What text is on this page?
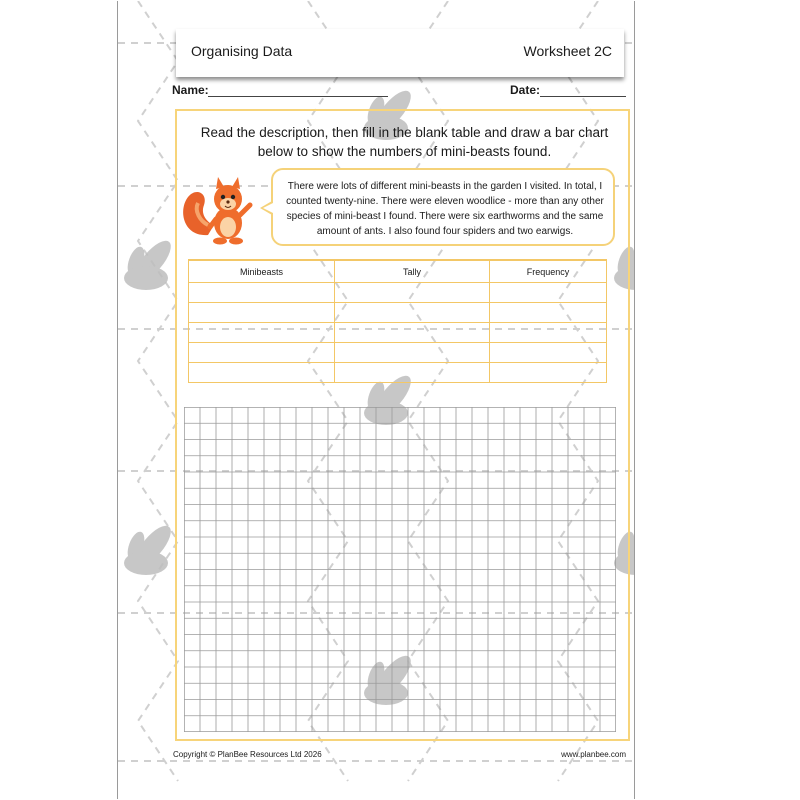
Organising Data	Worksheet 2C
Name:	Date:
Read the description, then fill in the blank table and draw a bar chart below to show the numbers of mini-beasts found.
There were lots of different mini-beasts in the garden I visited. In total, I counted twenty-nine. There were eleven woodlice - more than any other species of mini-beast I found. There were six earthworms and the same amount of ants. I also found four spiders and two earwigs.
Minibeasts	Tally	Frequency

Copyright © PlanBee Resources Ltd 2026	www.planbee.com
